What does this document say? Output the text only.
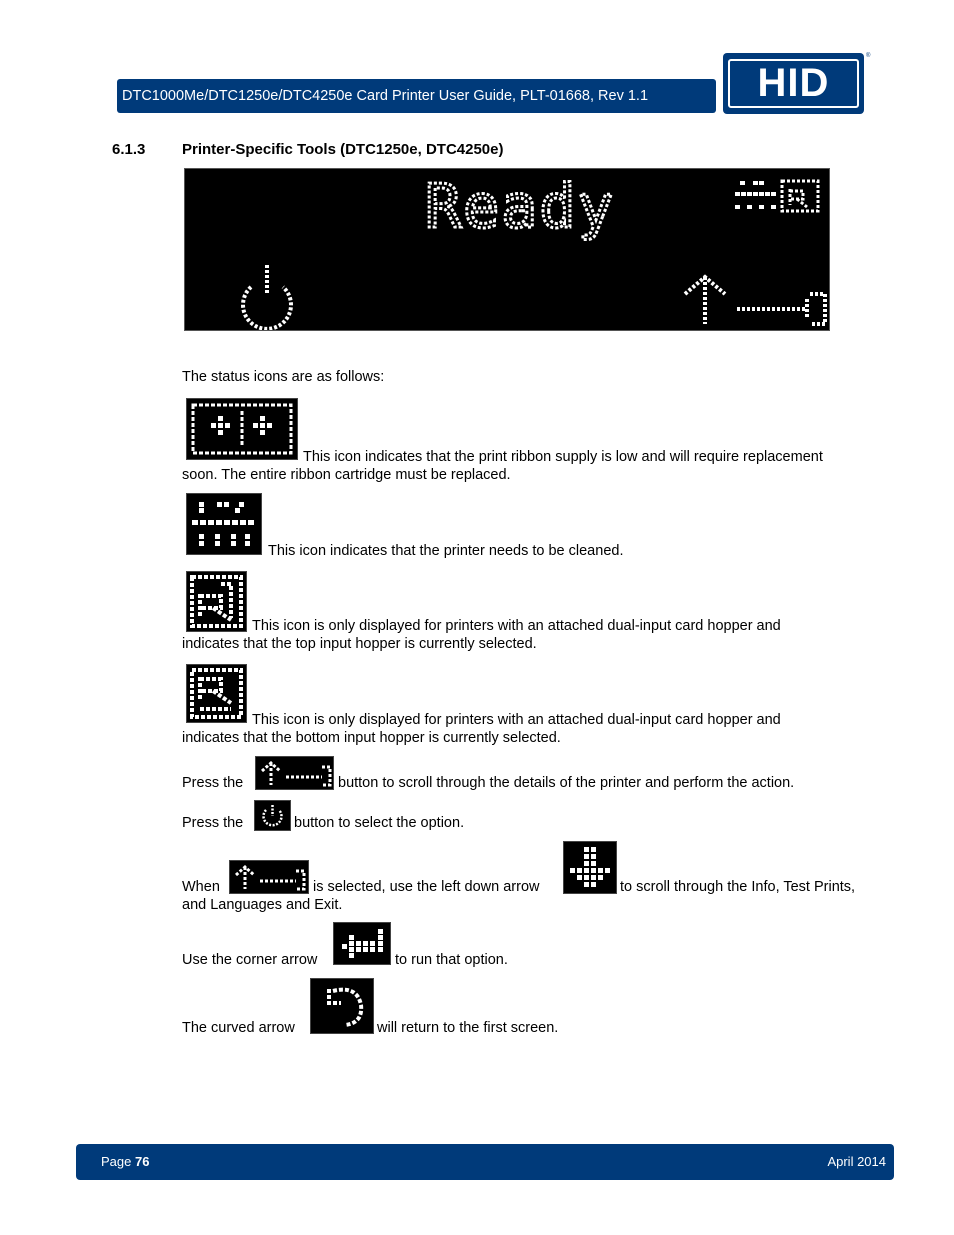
DTC1000Me/DTC1250e/DTC4250e Card Printer User Guide, PLT-01668, Rev 1.1	HID
®
6.1.3 Printer-Specific Tools (DTC1250e, DTC4250e)
Ready
The status icons are as follows:
This icon indicates that the print ribbon supply is low and will require replacement
soon. The entire ribbon cartridge must be replaced.
This icon indicates that the printer needs to be cleaned.
This icon is only displayed for printers with an attached dual-input card hopper and
indicates that the top input hopper is currently selected.
This icon is only displayed for printers with an attached dual-input card hopper and
indicates that the bottom input hopper is currently selected.
Press the	button to scroll through the details of the printer and perform the action.
Press the	button to select the option.
When	is selected, use the left down arrow	to scroll through the Info, Test Prints,
and Languages and Exit.
Use the corner arrow	to run that option.
The curved arrow	will return to the first screen.
Page 76	April 2014
